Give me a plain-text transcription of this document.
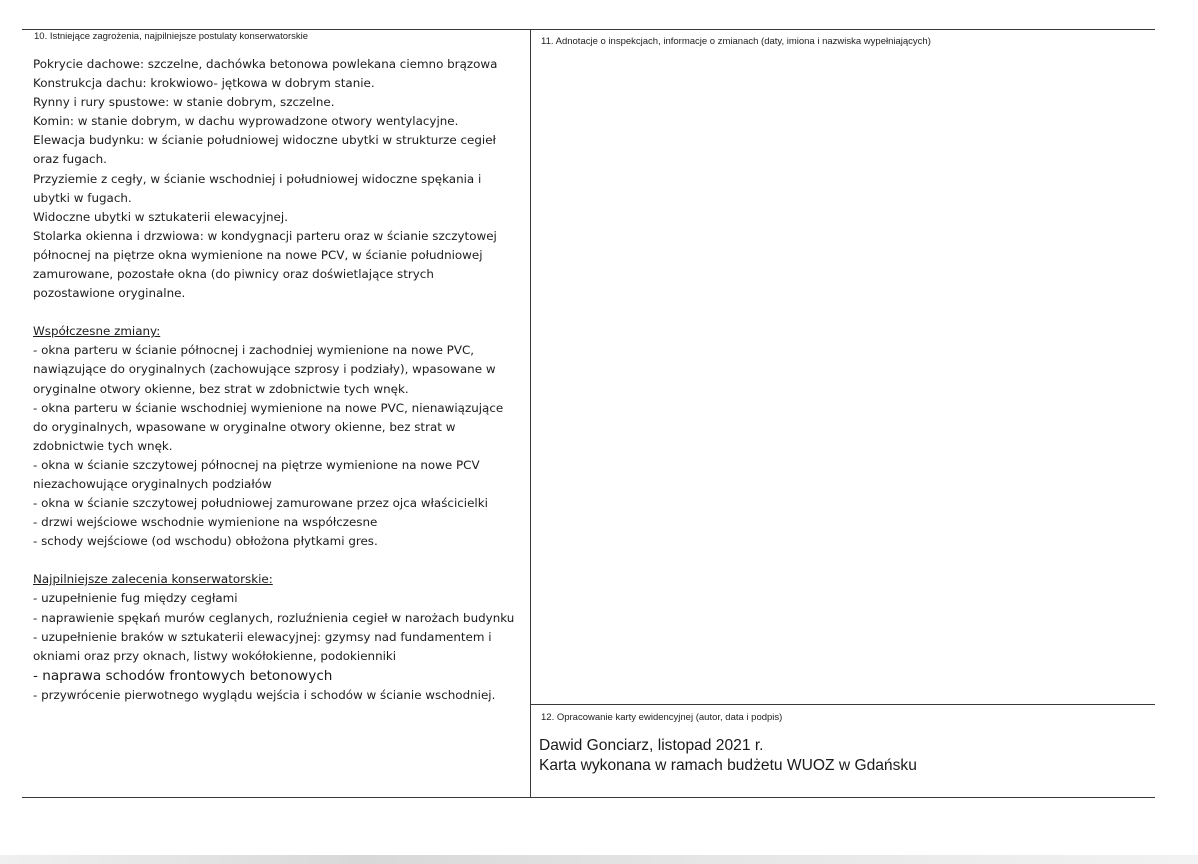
10. Istniejące zagrożenia, najpilniejsze postulaty konserwatorskie	11. Adnotacje o inspekcjach, informacje o zmianach (daty, imiona i nazwiska wypełniających)
12. Opracowanie karty ewidencyjnej (autor, data i podpis)
Pokrycie dachowe: szczelne, dachówka betonowa powlekana ciemno brązowa
Konstrukcja dachu: krokwiowo- jętkowa w dobrym stanie.
Rynny i rury spustowe: w stanie dobrym, szczelne.
Komin: w stanie dobrym, w dachu wyprowadzone otwory wentylacyjne.
Elewacja budynku: w ścianie południowej widoczne ubytki w strukturze cegieł
oraz fugach.
Przyziemie z cegły, w ścianie wschodniej i południowej widoczne spękania i
ubytki w fugach.
Widoczne ubytki w sztukaterii elewacyjnej.
Stolarka okienna i drzwiowa: w kondygnacji parteru oraz w ścianie szczytowej
północnej na piętrze okna wymienione na nowe PCV, w ścianie południowej
zamurowane, pozostałe okna (do piwnicy oraz doświetlające strych
pozostawione oryginalne.
Współczesne zmiany:
- okna parteru w ścianie północnej i zachodniej wymienione na nowe PVC,
nawiązujące do oryginalnych (zachowujące szprosy i podziały), wpasowane w
oryginalne otwory okienne, bez strat w zdobnictwie tych wnęk.
- okna parteru w ścianie wschodniej wymienione na nowe PVC, nienawiązujące
do oryginalnych, wpasowane w oryginalne otwory okienne, bez strat w
zdobnictwie tych wnęk.
- okna w ścianie szczytowej północnej na piętrze wymienione na nowe PCV
niezachowujące oryginalnych podziałów
- okna w ścianie szczytowej południowej zamurowane przez ojca właścicielki
- drzwi wejściowe wschodnie wymienione na współczesne
- schody wejściowe (od wschodu) obłożona płytkami gres.
Najpilniejsze zalecenia konserwatorskie:
- uzupełnienie fug między cegłami
- naprawienie spękań murów ceglanych, rozluźnienia cegieł w narożach budynku
- uzupełnienie braków w sztukaterii elewacyjnej: gzymsy nad fundamentem i
okniami oraz przy oknach, listwy wokółokienne, podokienniki
- naprawa schodów frontowych betonowych
- przywrócenie pierwotnego wyglądu wejścia i schodów w ścianie wschodniej.
Dawid Gonciarz, listopad 2021 r.
Karta wykonana w ramach budżetu WUOZ w Gdańsku
